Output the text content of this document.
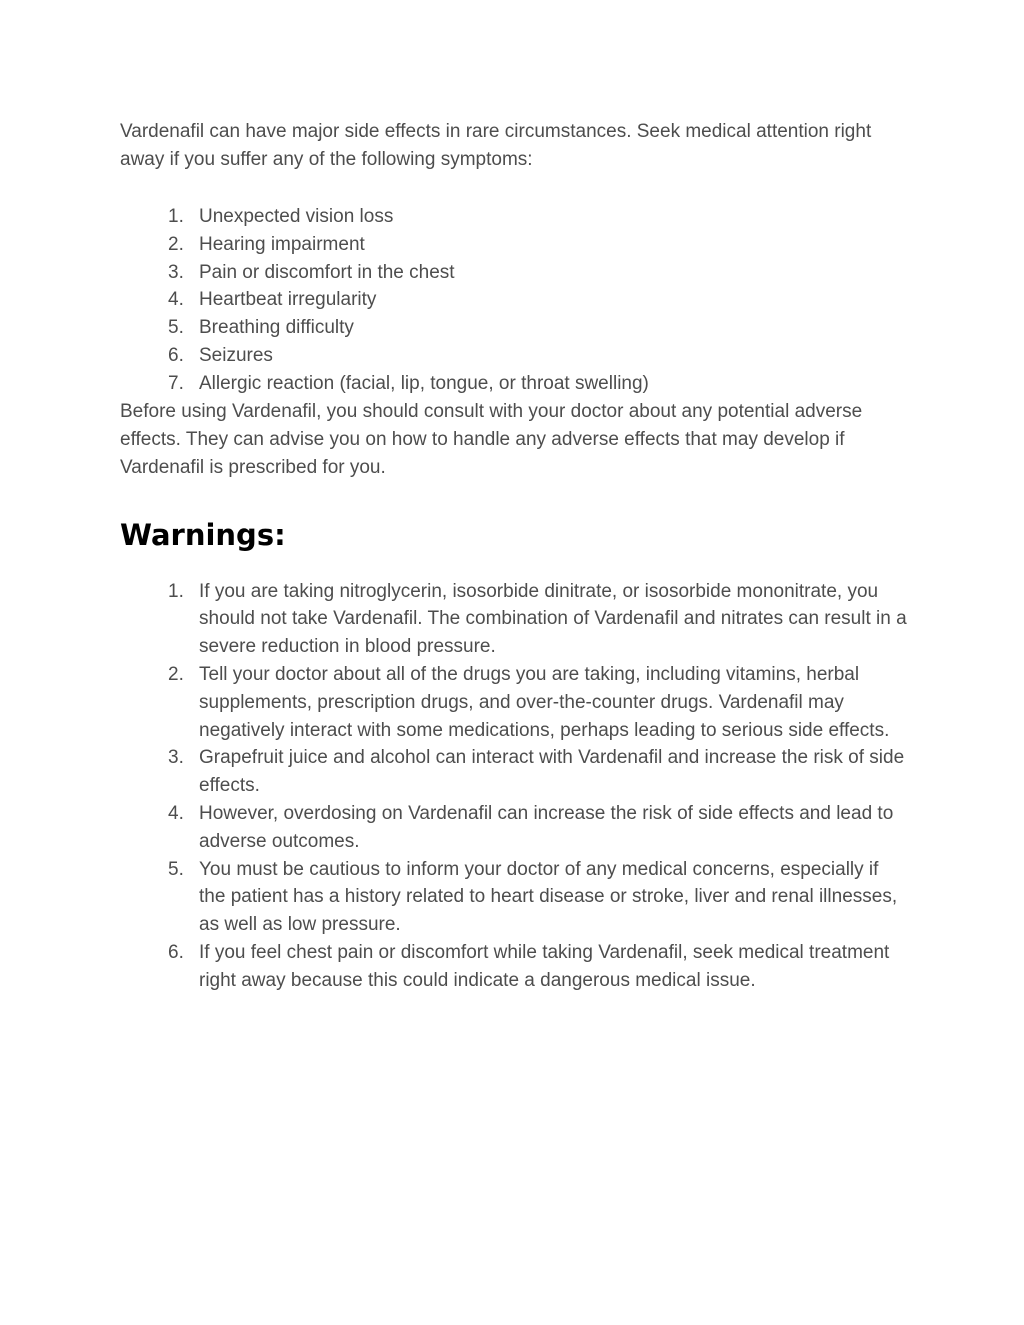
Vardenafil can have major side effects in rare circumstances. Seek medical attention right away if you suffer any of the following symptoms:

1. Unexpected vision loss
2. Hearing impairment
3. Pain or discomfort in the chest
4. Heartbeat irregularity
5. Breathing difficulty
6. Seizures
7. Allergic reaction (facial, lip, tongue, or throat swelling)

Before using Vardenafil, you should consult with your doctor about any potential adverse effects. They can advise you on how to handle any adverse effects that may develop if Vardenafil is prescribed for you.

Warnings:
1. If you are taking nitroglycerin, isosorbide dinitrate, or isosorbide mononitrate, you should not take Vardenafil. The combination of Vardenafil and nitrates can result in a severe reduction in blood pressure.
2. Tell your doctor about all of the drugs you are taking, including vitamins, herbal supplements, prescription drugs, and over-the-counter drugs. Vardenafil may negatively interact with some medications, perhaps leading to serious side effects.
3. Grapefruit juice and alcohol can interact with Vardenafil and increase the risk of side effects.
4. However, overdosing on Vardenafil can increase the risk of side effects and lead to adverse outcomes.
5. You must be cautious to inform your doctor of any medical concerns, especially if the patient has a history related to heart disease or stroke, liver and renal illnesses, as well as low pressure.
6. If you feel chest pain or discomfort while taking Vardenafil, seek medical treatment right away because this could indicate a dangerous medical issue.
